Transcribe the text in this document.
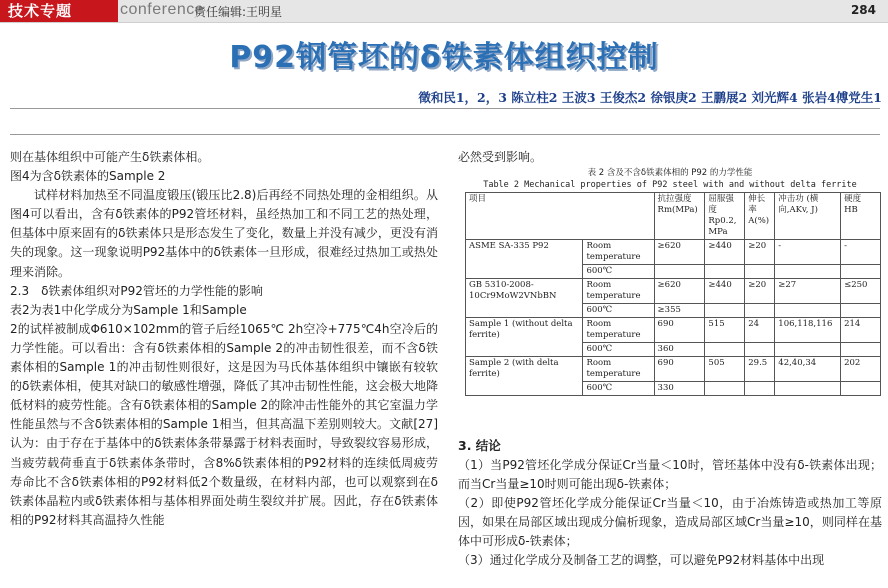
技术专题	conference
责任编辑:王明星	284
P92钢管坯的δ铁素体组织控制
徵和民1，2，3 陈立柱2 王波3 王俊杰2 徐银庚2 王鹏展2 刘光辉4 张岩4傅党生1

则在基体组织中可能产生δ铁素体相。

图4为含δ铁素体的Sample 2

试样材料加热至不同温度锻压(锻压比2.8)后再经不同热处理的金相组织。从图4可以看出，含有δ铁素体的P92管坯材料，虽经热加工和不同工艺的热处理，但基体中原来固有的δ铁素体只是形态发生了变化，数量上并没有减少，更没有消失的现象。这一现象说明P92基体中的δ铁素体一旦形成，很难经过热加工或热处理来消除。

2.3　δ铁素体组织对P92管坯的力学性能的影响

表2为表1中化学成分为Sample 1和Sample

2的试样被制成Φ610×102mm的管子后经1065℃ 2h空冷+775℃4h空冷后的力学性能。可以看出：含有δ铁素体相的Sample 2的冲击韧性很差，而不含δ铁素体相的Sample 1的冲击韧性则很好，这是因为马氏体基体组织中镶嵌有较软的δ铁素体相，使其对缺口的敏感性增强，降低了其冲击韧性性能，这会极大地降低材料的疲劳性能。含有δ铁素体相的Sample 2的除冲击性能外的其它室温力学性能虽然与不含δ铁素体相的Sample 1相当，但其高温下差别则较大。文献[27]认为：由于存在于基体中的δ铁素体条带暴露于材料表面时，导致裂纹容易形成，当疲劳载荷垂直于δ铁素体条带时，含8%δ铁素体相的P92材料的连续低周疲劳寿命比不含δ铁素体相的P92材料低2个数量级，在材料内部，也可以观察到在δ铁素体晶粒内或δ铁素体相与基体相界面处萌生裂纹并扩展。因此，存在δ铁素体相的P92材料其高温持久性能

必然受到影响。

表 2 含及不含δ铁素体相的 P92 的力学性能
Table 2 Mechanical properties of P92 steel with and without delta ferrite
项目		抗拉强度 Rm(MPa)	屈服强度 Rp0.2, MPa	伸长率 A(%)	冲击功 (横向,AKv, J)	硬度 HB
ASME SA-335 P92	Room temperature	≥620	≥440	≥20	-	-
	600℃					
GB 5310-2008-10Cr9MoW2VNbBN	Room temperature	≥620	≥440	≥20	≥27	≤250
	600℃	≥355				
Sample 1 (without delta ferrite)	Room temperature	690	515	24	106,118,116	214
	600℃	360				
Sample 2 (with delta ferrite)	Room temperature	690	505	29.5	42,40,34	202
	600℃	330				
3. 结论

（1）当P92管坯化学成分保证Cr当量＜10时，管坯基体中没有δ-铁素体出现；而当Cr当量≥10时则可能出现δ-铁素体；

（2）即使P92管坯化学成分能保证Cr当量＜10，由于冶炼铸造或热加工等原因，如果在局部区域出现成分偏析现象，造成局部区域Cr当量≥10，则同样在基体中可形成δ-铁素体；

（3）通过化学成分及制备工艺的调整，可以避免P92材料基体中出现
